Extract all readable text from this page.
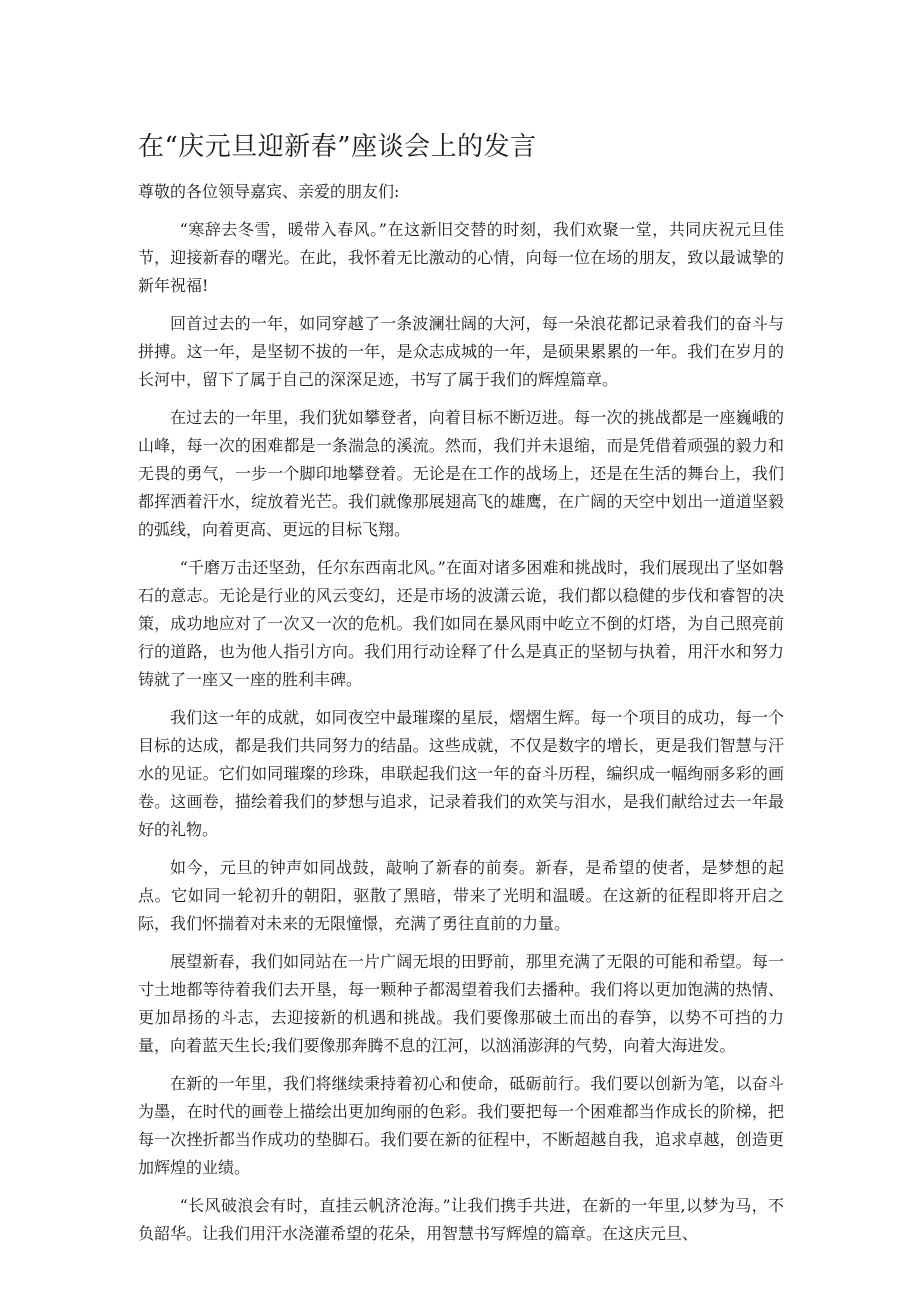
在“庆元旦迎新春”座谈会上的发言

尊敬的各位领导嘉宾、亲爱的朋友们:

“寒辞去冬雪，暖带入春风。”在这新旧交替的时刻，我们欢聚一堂，共同庆祝元旦佳节，迎接新春的曙光。在此，我怀着无比激动的心情，向每一位在场的朋友，致以最诚挚的新年祝福!

回首过去的一年，如同穿越了一条波澜壮阔的大河，每一朵浪花都记录着我们的奋斗与拼搏。这一年，是坚韧不拔的一年，是众志成城的一年，是硕果累累的一年。我们在岁月的长河中，留下了属于自己的深深足迹，书写了属于我们的辉煌篇章。

在过去的一年里，我们犹如攀登者，向着目标不断迈进。每一次的挑战都是一座巍峨的山峰，每一次的困难都是一条湍急的溪流。然而，我们并未退缩，而是凭借着顽强的毅力和无畏的勇气，一步一个脚印地攀登着。无论是在工作的战场上，还是在生活的舞台上，我们都挥洒着汗水，绽放着光芒。我们就像那展翅高飞的雄鹰，在广阔的天空中划出一道道坚毅的弧线，向着更高、更远的目标飞翔。

“千磨万击还坚劲，任尔东西南北风。”在面对诸多困难和挑战时，我们展现出了坚如磐石的意志。无论是行业的风云变幻，还是市场的波潇云诡，我们都以稳健的步伐和睿智的决策，成功地应对了一次又一次的危机。我们如同在暴风雨中屹立不倒的灯塔，为自己照亮前行的道路，也为他人指引方向。我们用行动诠释了什么是真正的坚韧与执着，用汗水和努力铸就了一座又一座的胜利丰碑。

我们这一年的成就，如同夜空中最璀璨的星辰，熠熠生辉。每一个项目的成功，每一个目标的达成，都是我们共同努力的结晶。这些成就，不仅是数字的增长，更是我们智慧与汗水的见证。它们如同璀璨的珍珠，串联起我们这一年的奋斗历程，编织成一幅绚丽多彩的画卷。这画卷，描绘着我们的梦想与追求，记录着我们的欢笑与泪水，是我们献给过去一年最好的礼物。

如今，元旦的钟声如同战鼓，敲响了新春的前奏。新春，是希望的使者，是梦想的起点。它如同一轮初升的朝阳，驱散了黑暗，带来了光明和温暖。在这新的征程即将开启之际，我们怀揣着对未来的无限憧憬，充满了勇往直前的力量。

展望新春，我们如同站在一片广阔无垠的田野前，那里充满了无限的可能和希望。每一寸土地都等待着我们去开垦，每一颗种子都渴望着我们去播种。我们将以更加饱满的热情、更加昂扬的斗志，去迎接新的机遇和挑战。我们要像那破土而出的春笋，以势不可挡的力量，向着蓝天生长;我们要像那奔腾不息的江河，以汹涌澎湃的气势，向着大海进发。

在新的一年里，我们将继续秉持着初心和使命，砥砺前行。我们要以创新为笔，以奋斗为墨，在时代的画卷上描绘出更加绚丽的色彩。我们要把每一个困难都当作成长的阶梯，把每一次挫折都当作成功的垫脚石。我们要在新的征程中，不断超越自我，追求卓越，创造更加辉煌的业绩。

“长风破浪会有时，直挂云帆济沧海。”让我们携手共进，在新的一年里,以梦为马，不负韶华。让我们用汗水浇灌希望的花朵，用智慧书写辉煌的篇章。在这庆元旦、
